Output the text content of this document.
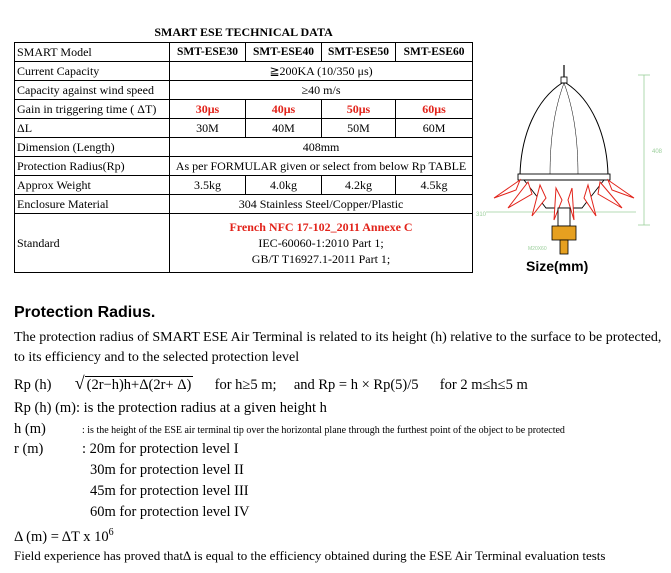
SMART ESE TECHNICAL DATA				
SMART Model	SMT-ESE30	SMT-ESE40	SMT-ESE50	SMT-ESE60
Current Capacity	≧200KA (10/350 μs)			
Capacity against wind speed	≥40 m/s			
Gain in triggering time ( ΔT)	30μs	40μs	50μs	60μs
ΔL	30M	40M	50M	60M
Dimension (Length)	408mm			
Protection Radius(Rp)	As per FORMULAR given or select from below Rp TABLE			
Approx Weight	3.5kg	4.0kg	4.2kg	4.5kg
Enclosure Material	304 Stainless Steel/Copper/Plastic			
Standard	French NFC 17-102_2011 Annexe C
IEC-60060-1:2010 Part 1;
GB/T T16927.1-2011 Part 1;			
408
310
M20X60
Size(mm)
Protection Radius.
The protection radius of SMART ESE Air Terminal is related to its height (h) relative to the surface to be protected, to its efficiency and to the selected protection level
Rp (h) √ (2r−h)h+Δ(2r+ Δ) for h≥5 m; and Rp = h × Rp(5)/5 for 2 m≤h≤5 m
Rp (h) (m): is the protection radius at a given height h
h (m)	: is the height of the ESE air terminal tip over the horizontal plane through the furthest point of the object to be protected
r (m)	: 20m for protection level I
30m for protection level II
45m for protection level III
60m for protection level IV
Δ (m) = ΔT x $10^6$
Field experience has proved thatΔ is equal to the efficiency obtained during the ESE Air Terminal evaluation tests
